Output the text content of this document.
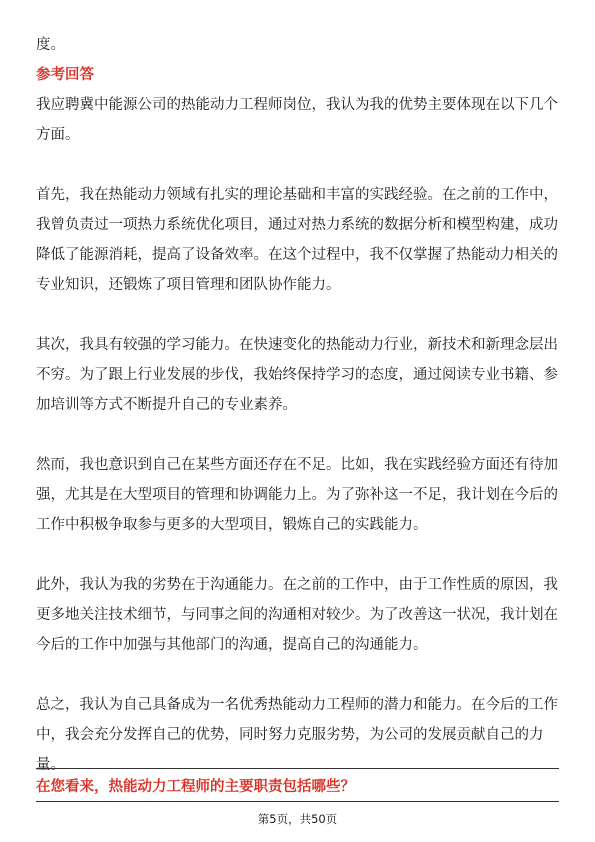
度。

参考回答

我应聘冀中能源公司的热能动力工程师岗位，我认为我的优势主要体现在以下几个

方面。

首先，我在热能动力领域有扎实的理论基础和丰富的实践经验。在之前的工作中，

我曾负责过一项热力系统优化项目，通过对热力系统的数据分析和模型构建，成功

降低了能源消耗，提高了设备效率。在这个过程中，我不仅掌握了热能动力相关的

专业知识，还锻炼了项目管理和团队协作能力。

其次，我具有较强的学习能力。在快速变化的热能动力行业，新技术和新理念层出

不穷。为了跟上行业发展的步伐，我始终保持学习的态度，通过阅读专业书籍、参

加培训等方式不断提升自己的专业素养。

然而，我也意识到自己在某些方面还存在不足。比如，我在实践经验方面还有待加

强，尤其是在大型项目的管理和协调能力上。为了弥补这一不足，我计划在今后的

工作中积极争取参与更多的大型项目，锻炼自己的实践能力。

此外，我认为我的劣势在于沟通能力。在之前的工作中，由于工作性质的原因，我

更多地关注技术细节，与同事之间的沟通相对较少。为了改善这一状况，我计划在

今后的工作中加强与其他部门的沟通，提高自己的沟通能力。

总之，我认为自己具备成为一名优秀热能动力工程师的潜力和能力。在今后的工作

中，我会充分发挥自己的优势，同时努力克服劣势，为公司的发展贡献自己的力

量。

在您看来，热能动力工程师的主要职责包括哪些？
第5页，共50页
